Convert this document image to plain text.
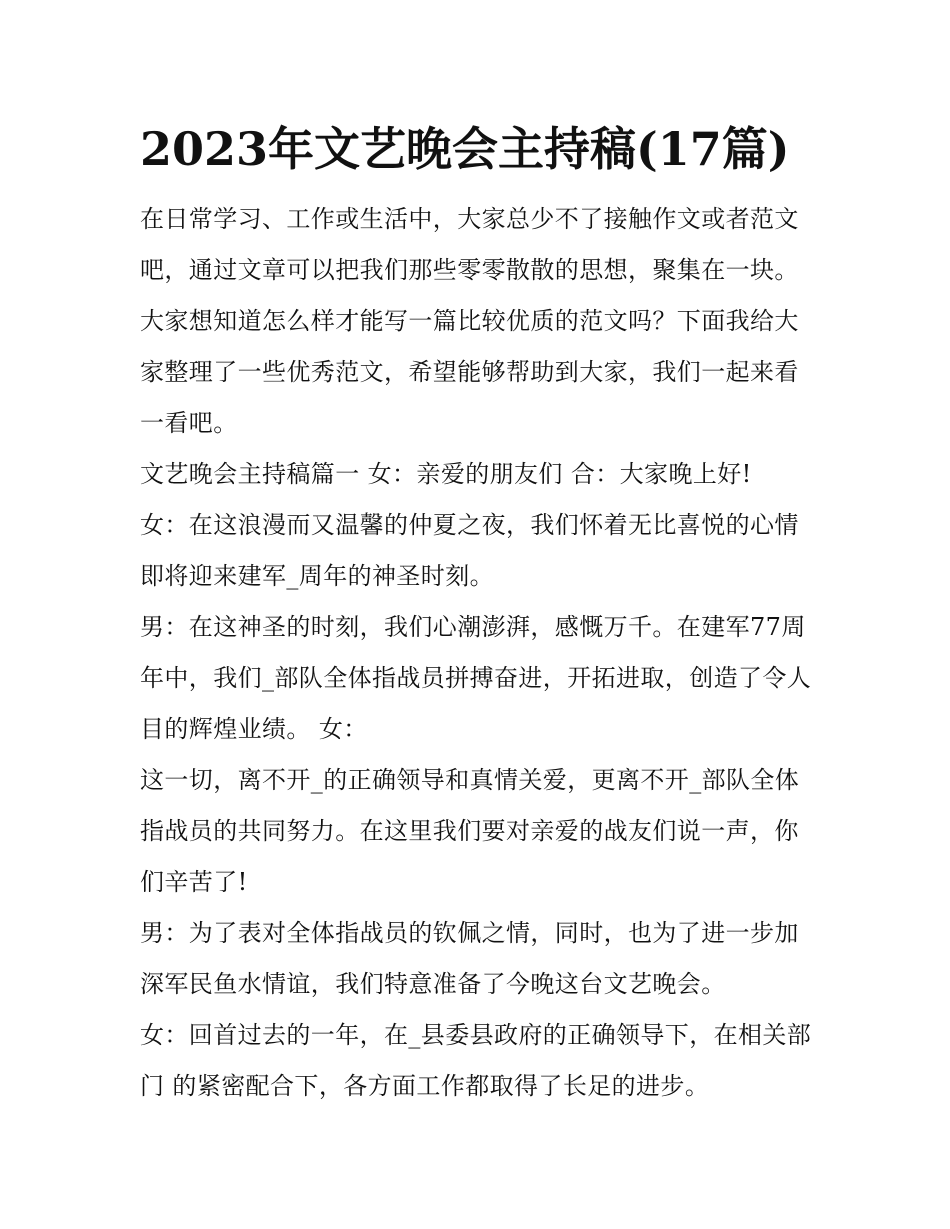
2023年文艺晚会主持稿(17篇)

在日常学习、工作或生活中，大家总少不了接触作文或者范文吧，通过文章可以把我们那些零零散散的思想，聚集在一块。大家想知道怎么样才能写一篇比较优质的范文吗？下面我给大家整理了一些优秀范文，希望能够帮助到大家，我们一起来看一看吧。

文艺晚会主持稿篇一 女：亲爱的朋友们 合：大家晚上好!

女：在这浪漫而又温馨的仲夏之夜，我们怀着无比喜悦的心情即将迎来建军_周年的神圣时刻。

男：在这神圣的时刻，我们心潮澎湃，感慨万千。在建军77周年中，我们_部队全体指战员拼搏奋进，开拓进取，创造了令人目的辉煌业绩。 女：

这一切，离不开_的正确领导和真情关爱，更离不开_部队全体指战员的共同努力。在这里我们要对亲爱的战友们说一声，你们辛苦了!

男：为了表对全体指战员的钦佩之情，同时，也为了进一步加深军民鱼水情谊，我们特意准备了今晚这台文艺晚会。

女：回首过去的一年，在_县委县政府的正确领导下，在相关部门 的紧密配合下，各方面工作都取得了长足的进步。
